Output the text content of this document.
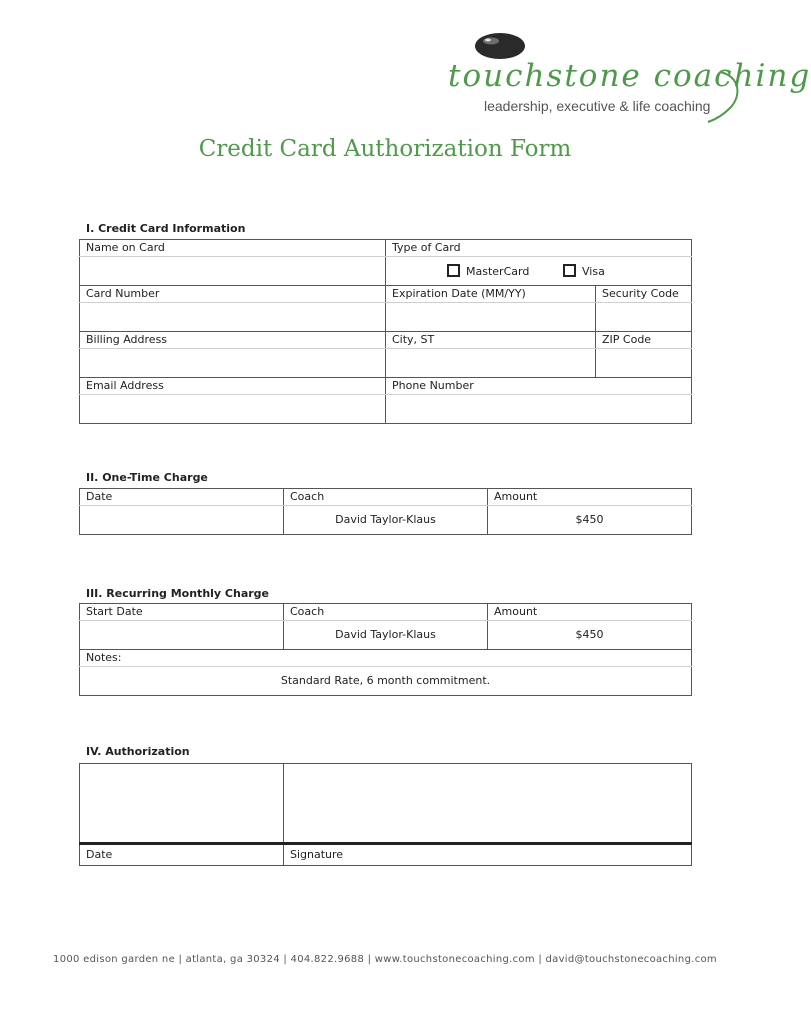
touchstone coaching
leadership, executive & life coaching
Credit Card Authorization Form
I. Credit Card Information
Name on Card	Type of Card	

	MasterCard Visa	

Card Number	Expiration Date (MM/YY)	Security Code

Billing Address	City, ST	ZIP Code

Email Address	Phone Number	

II. One-Time Charge
Date	Coach	Amount
	David Taylor-Klaus	$450
III. Recurring Monthly Charge
Start Date	Coach	Amount
	David Taylor-Klaus	$450
Notes:		
Standard Rate, 6 month commitment.		
IV. Authorization

Date	Signature
1000 edison garden ne | atlanta, ga 30324 | 404.822.9688 | www.touchstonecoaching.com | david@touchstonecoaching.com
